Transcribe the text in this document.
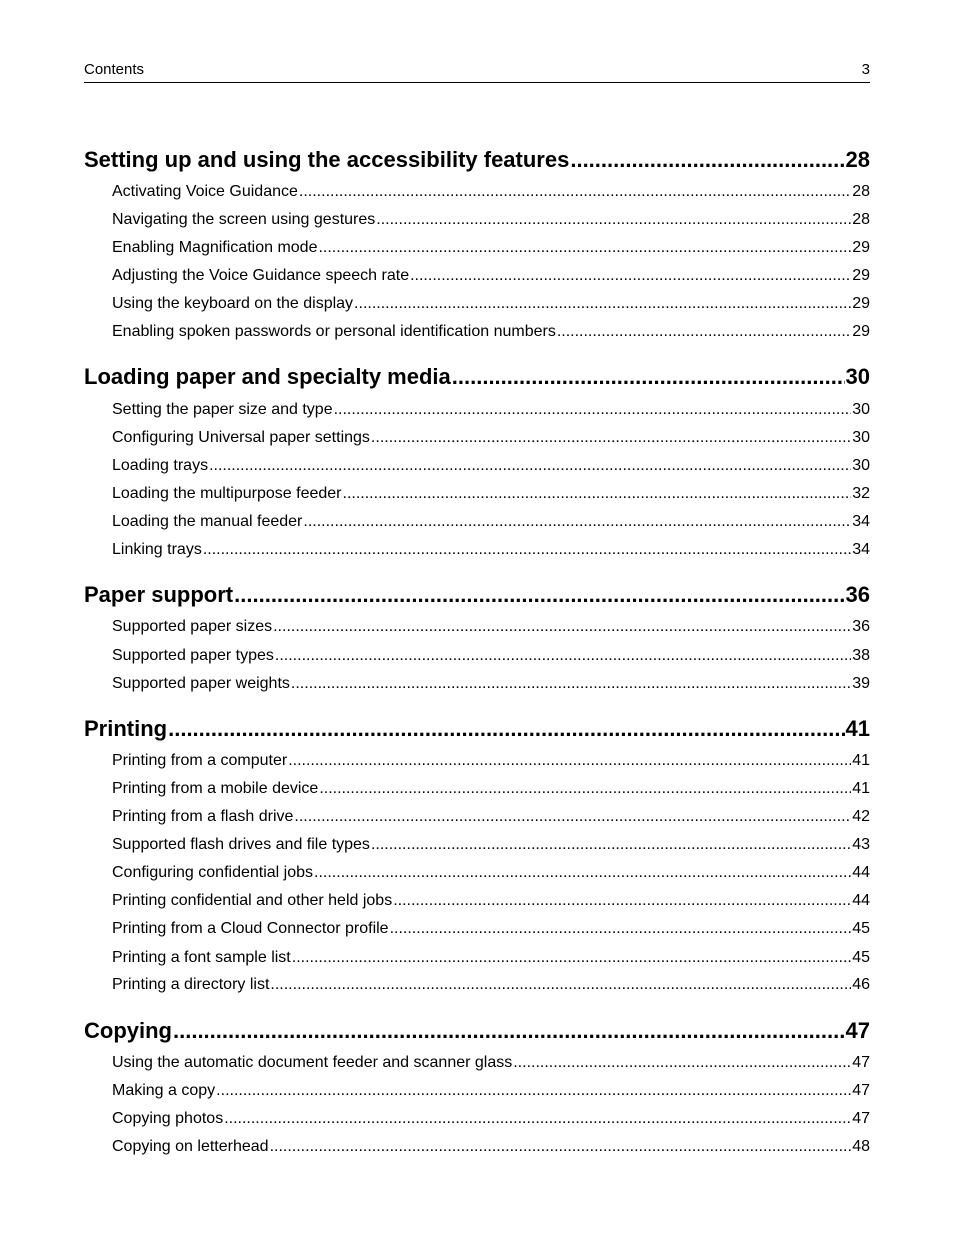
Contents	3
Setting up and using the accessibility features .....	28
Activating Voice Guidance .....	28
Navigating the screen using gestures .....	28
Enabling Magnification mode .....	29
Adjusting the Voice Guidance speech rate .....	29
Using the keyboard on the display .....	29
Enabling spoken passwords or personal identification numbers .....	29
Loading paper and specialty media .....	30
Setting the paper size and type .....	30
Configuring Universal paper settings .....	30
Loading trays .....	30
Loading the multipurpose feeder .....	32
Loading the manual feeder .....	34
Linking trays .....	34
Paper support .....	36
Supported paper sizes .....	36
Supported paper types .....	38
Supported paper weights .....	39
Printing .....	41
Printing from a computer .....	41
Printing from a mobile device .....	41
Printing from a flash drive .....	42
Supported flash drives and file types .....	43
Configuring confidential jobs .....	44
Printing confidential and other held jobs .....	44
Printing from a Cloud Connector profile .....	45
Printing a font sample list .....	45
Printing a directory list .....	46
Copying .....	47
Using the automatic document feeder and scanner glass .....	47
Making a copy .....	47
Copying photos .....	47
Copying on letterhead .....	48
